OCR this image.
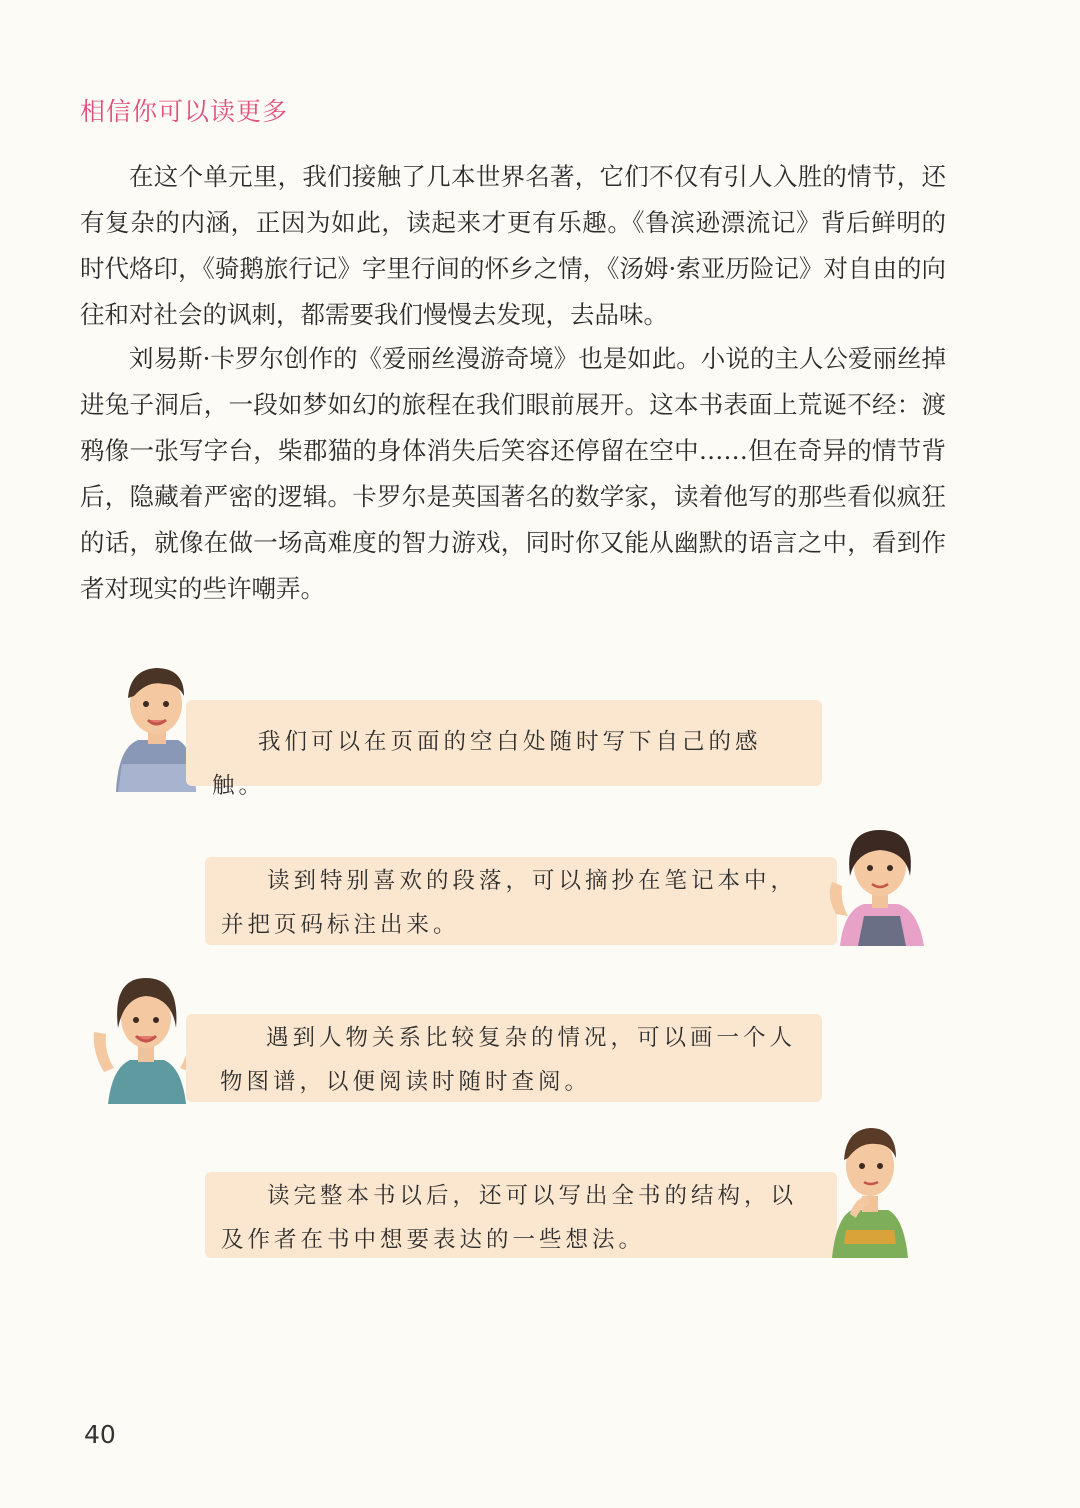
相信你可以读更多

在这个单元里，我们接触了几本世界名著，它们不仅有引人入胜的情节，还有复杂的内涵，正因为如此，读起来才更有乐趣。《鲁滨逊漂流记》背后鲜明的时代烙印，《骑鹅旅行记》字里行间的怀乡之情，《汤姆·索亚历险记》对自由的向往和对社会的讽刺，都需要我们慢慢去发现，去品味。

刘易斯·卡罗尔创作的《爱丽丝漫游奇境》也是如此。小说的主人公爱丽丝掉进兔子洞后，一段如梦如幻的旅程在我们眼前展开。这本书表面上荒诞不经：渡鸦像一张写字台，柴郡猫的身体消失后笑容还停留在空中……但在奇异的情节背后，隐藏着严密的逻辑。卡罗尔是英国著名的数学家，读着他写的那些看似疯狂的话，就像在做一场高难度的智力游戏，同时你又能从幽默的语言之中，看到作者对现实的些许嘲弄。

我们可以在页面的空白处随时写下自己的感触。
读到特别喜欢的段落，可以摘抄在笔记本中，并把页码标注出来。
遇到人物关系比较复杂的情况，可以画一个人物图谱，以便阅读时随时查阅。
读完整本书以后，还可以写出全书的结构，以及作者在书中想要表达的一些想法。
40
